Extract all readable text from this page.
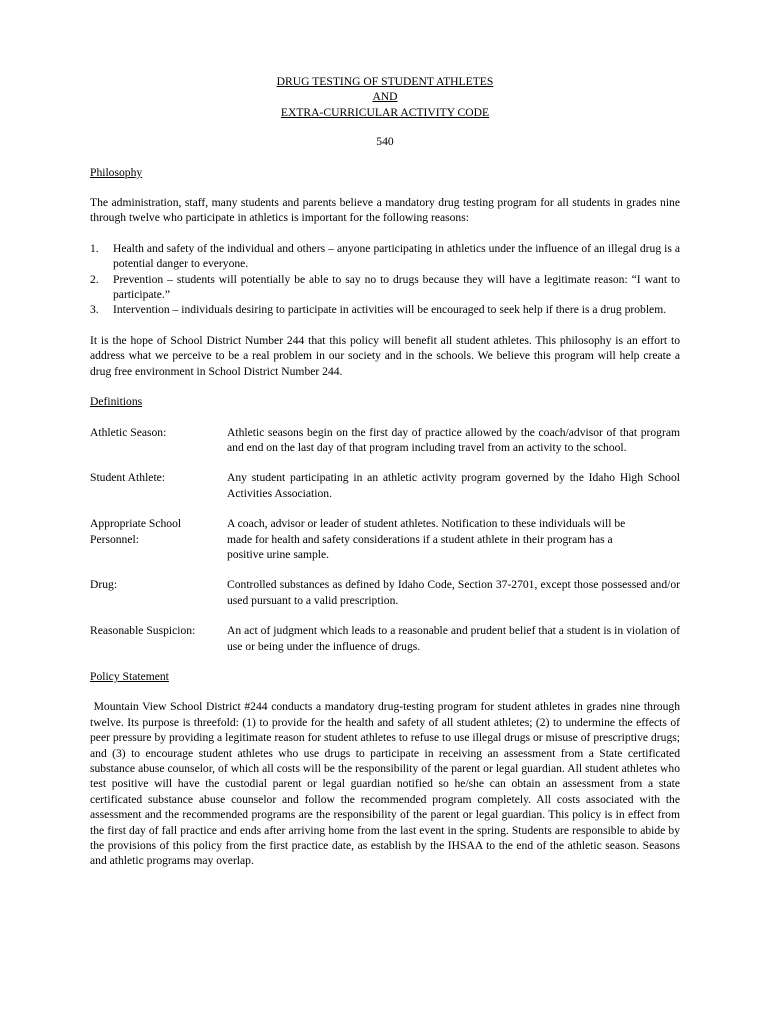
DRUG TESTING OF STUDENT ATHLETES
AND
EXTRA-CURRICULAR ACTIVITY CODE
540
Philosophy

The administration, staff, many students and parents believe a mandatory drug testing program for all students in grades nine through twelve who participate in athletics is important for the following reasons:

1. Health and safety of the individual and others – anyone participating in athletics under the influence of an illegal drug is a potential danger to everyone.
2. Prevention – students will potentially be able to say no to drugs because they will have a legitimate reason: “I want to participate.”
3. Intervention – individuals desiring to participate in activities will be encouraged to seek help if there is a drug problem.

It is the hope of School District Number 244 that this policy will benefit all student athletes. This philosophy is an effort to address what we perceive to be a real problem in our society and in the schools. We believe this program will help create a drug free environment in School District Number 244.

Definitions
Athletic Season:	Athletic seasons begin on the first day of practice allowed by the coach/advisor of that program and end on the last day of that program including travel from an activity to the school.
Student Athlete:	Any student participating in an athletic activity program governed by the Idaho High School Activities Association.
Appropriate School Personnel:
A coach, advisor or leader of student athletes. Notification to these individuals will be made for health and safety considerations if a student athlete in their program has a positive urine sample.
Drug:	Controlled substances as defined by Idaho Code, Section 37-2701, except those possessed and/or used pursuant to a valid prescription.
Reasonable Suspicion:	An act of judgment which leads to a reasonable and prudent belief that a student is in violation of use or being under the influence of drugs.
Policy Statement

Mountain View School District #244 conducts a mandatory drug-testing program for student athletes in grades nine through twelve. Its purpose is threefold: (1) to provide for the health and safety of all student athletes; (2) to undermine the effects of peer pressure by providing a legitimate reason for student athletes to refuse to use illegal drugs or misuse of prescriptive drugs; and (3) to encourage student athletes who use drugs to participate in receiving an assessment from a State certificated substance abuse counselor, of which all costs will be the responsibility of the parent or legal guardian. All student athletes who test positive will have the custodial parent or legal guardian notified so he/she can obtain an assessment from a state certificated substance abuse counselor and follow the recommended program completely. All costs associated with the assessment and the recommended programs are the responsibility of the parent or legal guardian. This policy is in effect from the first day of fall practice and ends after arriving home from the last event in the spring. Students are responsible to abide by the provisions of this policy from the first practice date, as establish by the IHSAA to the end of the athletic season. Seasons and athletic programs may overlap.
